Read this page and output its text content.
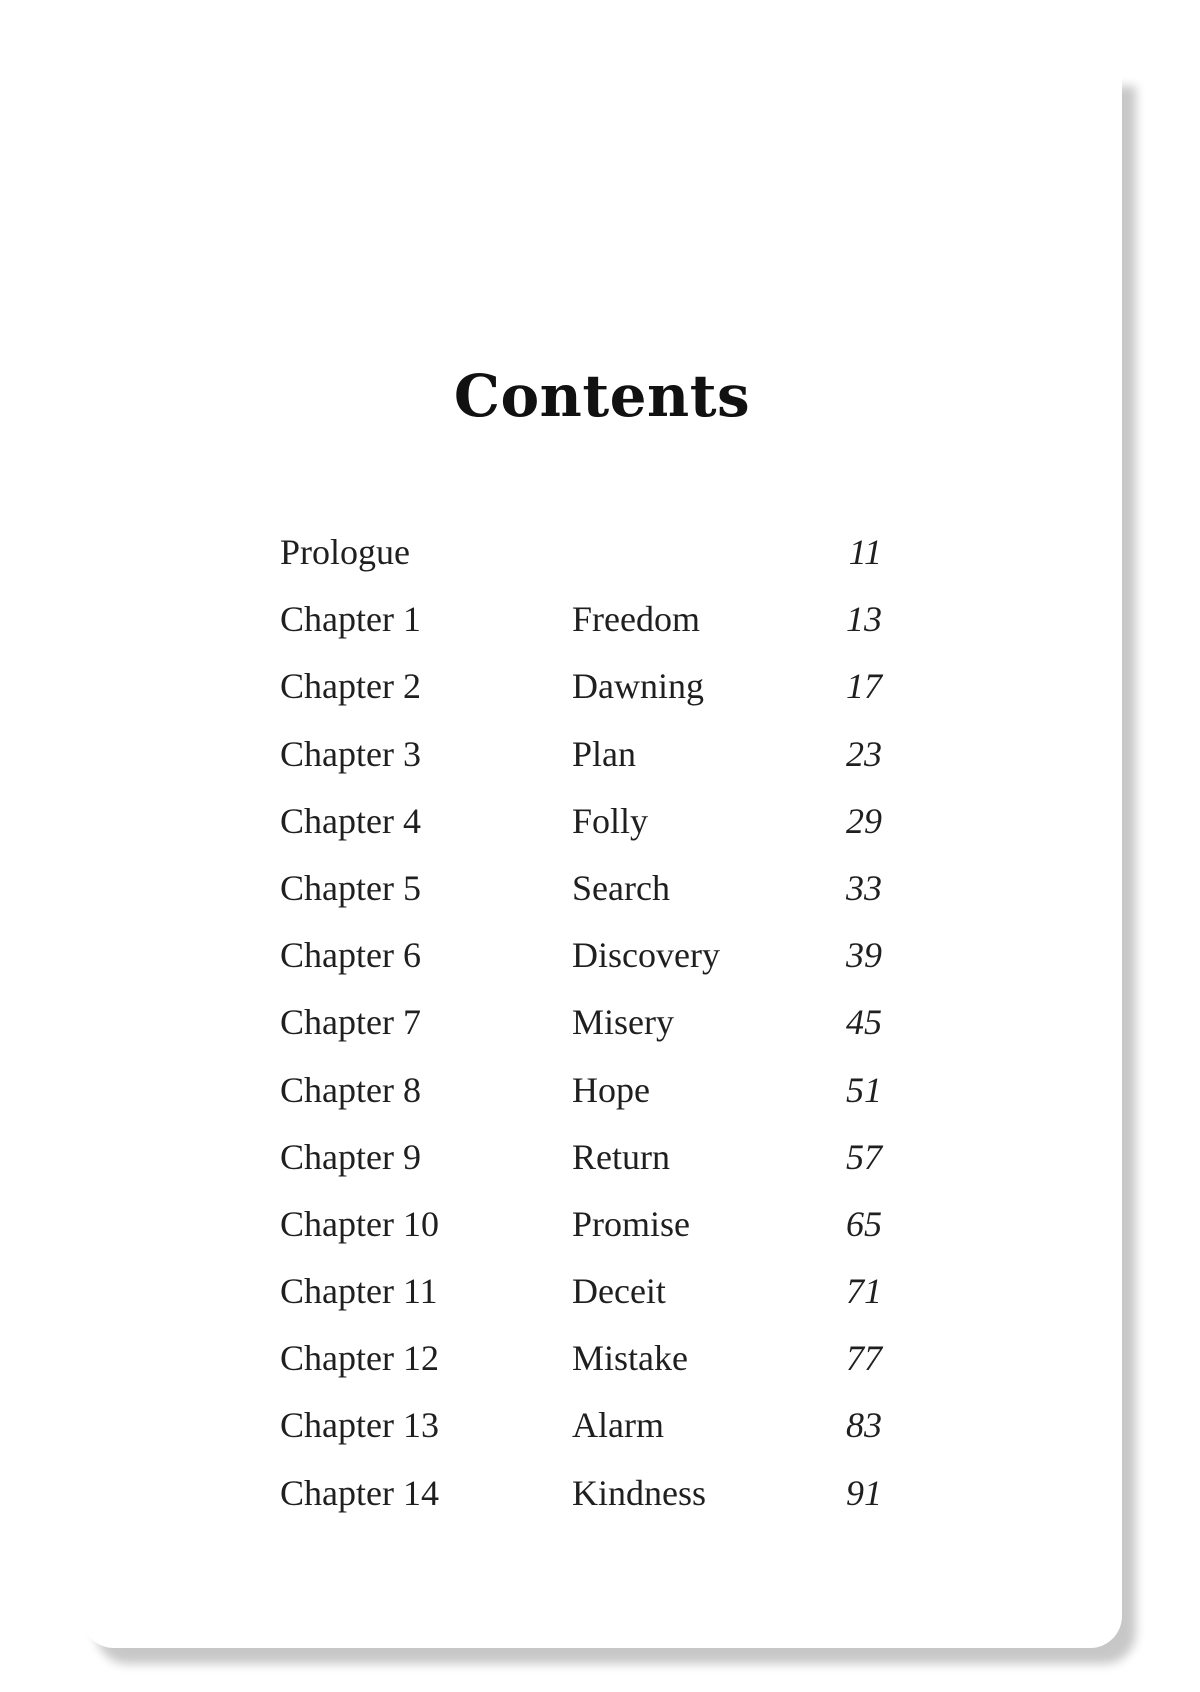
Contents
Prologue	11
Chapter 1	Freedom	13
Chapter 2	Dawning	17
Chapter 3	Plan	23
Chapter 4	Folly	29
Chapter 5	Search	33
Chapter 6	Discovery	39
Chapter 7	Misery	45
Chapter 8	Hope	51
Chapter 9	Return	57
Chapter 10	Promise	65
Chapter 11	Deceit	71
Chapter 12	Mistake	77
Chapter 13	Alarm	83
Chapter 14	Kindness	91
